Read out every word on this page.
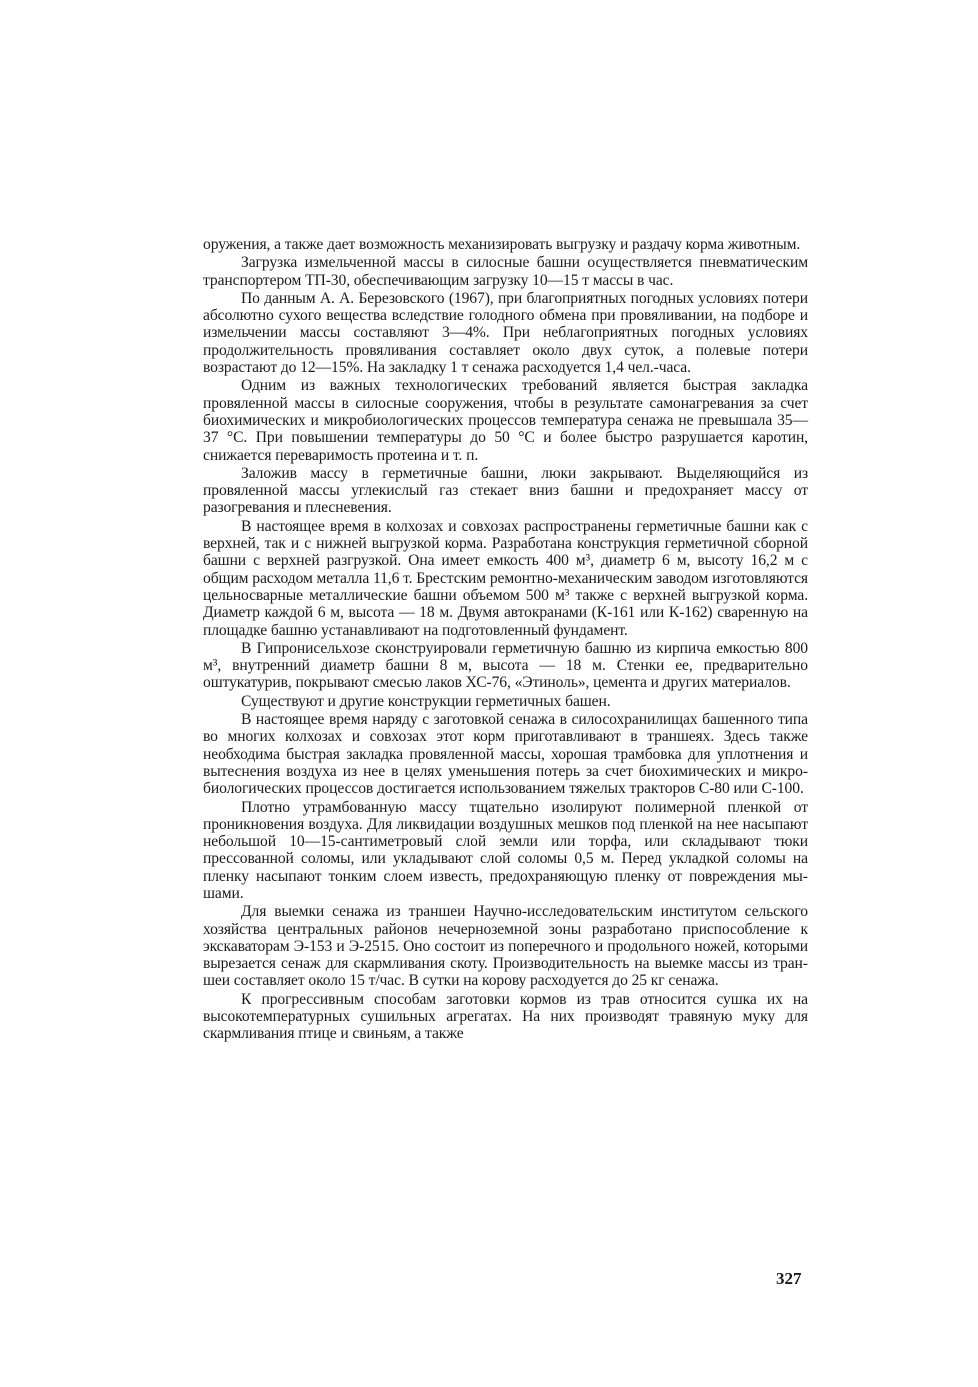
оружения, а также дает возможность механизировать выгрузку и раздачу корма животным.

Загрузка измельченной массы в силосные башни осуществляется пневматическим транспортером ТП-30, обеспечивающим загрузку 10—15 т массы в час.

По данным А. А. Березовского (1967), при благоприятных погодных условиях потери абсолютно сухого вещества вследствие голодного обмена при провяливании, на подборе и измельчении массы составляют 3—4%. При неблагоприятных погодных условиях продолжительность провяливания составляет около двух суток, а полевые потери возрастают до 12—15%. На закладку 1 т сенажа расходуется 1,4 чел.-часа.

Одним из важных технологических требований является быстрая закладка провяленной массы в силосные сооружения, чтобы в результате самонагревания за счет биохимических и микробиологических процессов температура сенажа не превышала 35—37 °С. При повышении температуры до 50 °С и более быстро разрушается каротин, снижается переваримость протеина и т. п.

Заложив массу в герметичные башни, люки закрывают. Выделяющийся из провяленной массы углекислый газ стекает вниз башни и предохраняет массу от разогревания и плесневения.

В настоящее время в колхозах и совхозах распространены герметичные башни как с верхней, так и с нижней выгрузкой корма. Разработана конструкция герметичной сборной башни с верхней разгрузкой. Она имеет емкость 400 м³, диаметр 6 м, высоту 16,2 м с общим расходом металла 11,6 т. Брестским ремонтно-механическим заводом изготовляются цельносварные металлические башни объемом 500 м³ также с верхней выгрузкой корма. Диаметр каждой 6 м, высота — 18 м. Двумя автокранами (К-161 или К-162) сваренную на площадке башню устанавливают на подготовленный фундамент.

В Гипронисельхозе сконструировали герметичную башню из кирпича емкостью 800 м³, внутренний диаметр башни 8 м, высота — 18 м. Стенки ее, предварительно оштукатурив, покрывают смесью лаков ХС-76, «Этиноль», цемента и других материалов.

Существуют и другие конструкции герметичных башен.

В настоящее время наряду с заготовкой сенажа в силосохранилищах башенного типа во многих колхозах и совхозах этот корм приготавливают в траншеях. Здесь также необходима быстрая закладка провяленной массы, хорошая трамбовка для уплотнения и вытеснения воздуха из нее в целях уменьшения потерь за счет биохимических и микробиологических процессов достигается использованием тяжелых тракторов С-80 или С-100.

Плотно утрамбованную массу тщательно изолируют полимерной пленкой от проникновения воздуха. Для ликвидации воздушных мешков под пленкой на нее насыпают небольшой 10—15-сантиметровый слой земли или торфа, или складывают тюки прессованной соломы, или укладывают слой соломы 0,5 м. Перед укладкой соломы на пленку насыпают тонким слоем известь, предохраняющую пленку от повреждения мышами.

Для выемки сенажа из траншеи Научно-исследовательским институтом сельского хозяйства центральных районов нечерноземной зоны разработано приспособление к экскаваторам Э-153 и Э-2515. Оно состоит из поперечного и продольного ножей, которыми вырезается сенаж для скармливания скоту. Производительность на выемке массы из траншеи составляет около 15 т/час. В сутки на корову расходуется до 25 кг сенажа.

К прогрессивным способам заготовки кормов из трав относится сушка их на высокотемпературных сушильных агрегатах. На них производят травяную муку для скармливания птице и свиньям, а также

327
